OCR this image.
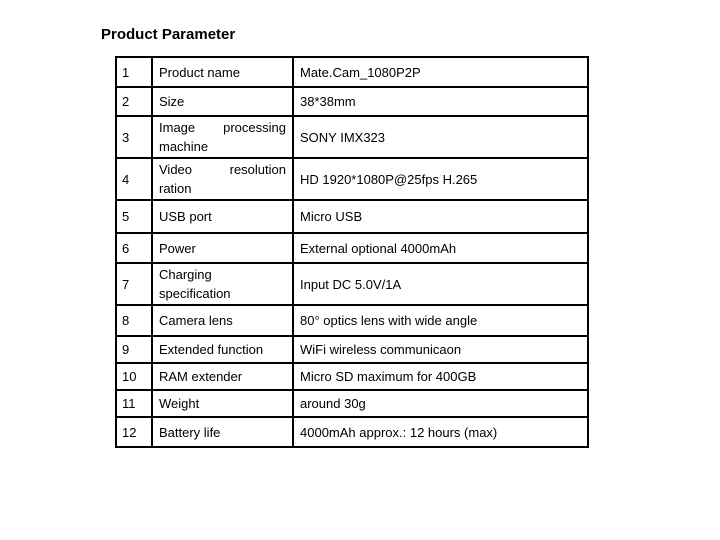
Product Parameter
1	Product name	Mate.Cam_1080P2P
2	Size	38*38mm
3	Image processing machine	SONY IMX323
4	Video resolution ration	HD 1920*1080P@25fps H.265
5	USB port	Micro USB
6	Power	External optional 4000mAh
7	Charging specification	Input DC 5.0V/1A
8	Camera lens	80° optics lens with wide angle
9	Extended function	WiFi wireless communicaon
10	RAM extender	Micro SD maximum for 400GB
11	Weight	around 30g
12	Battery life	4000mAh approx.: 12 hours (max)
